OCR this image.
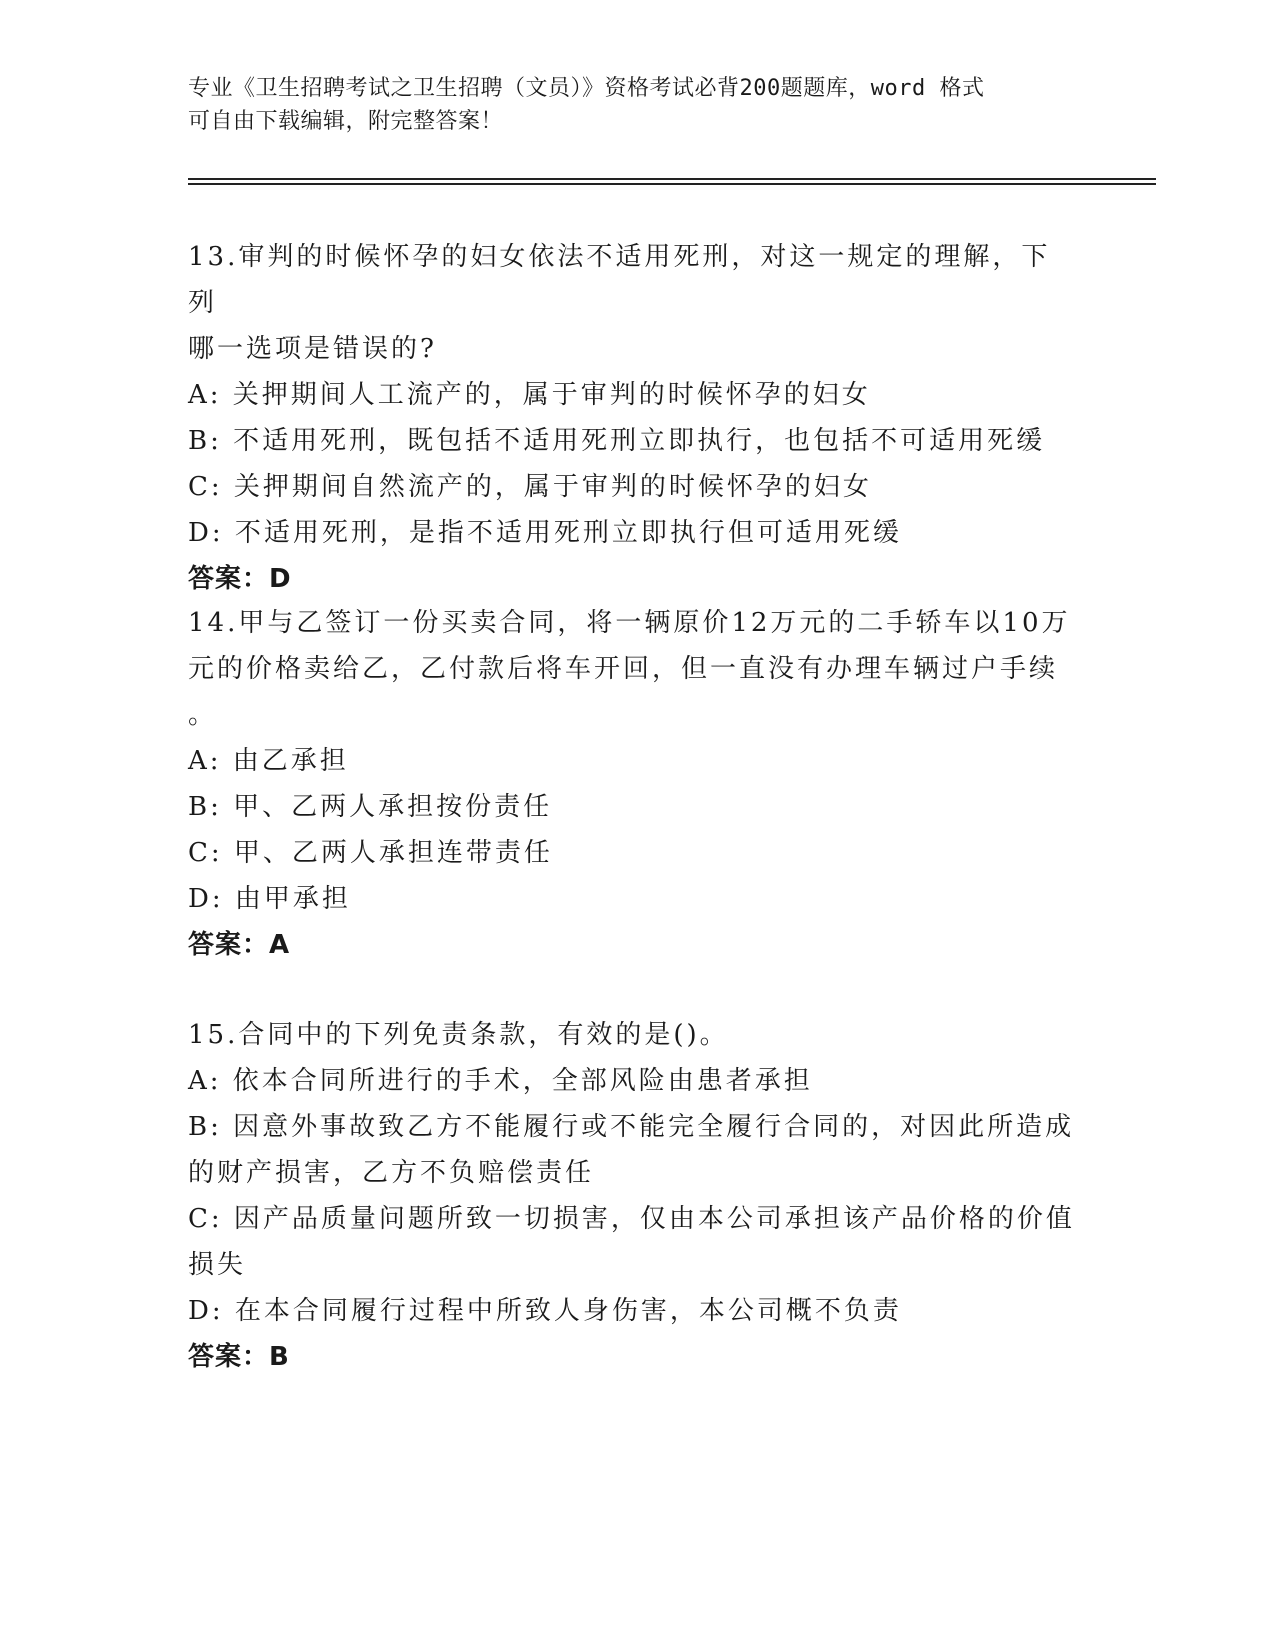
专业《卫生招聘考试之卫生招聘（文员）》资格考试必背200题题库，word 格式
可自由下载编辑，附完整答案！

13.审判的时候怀孕的妇女依法不适用死刑，对这一规定的理解，下列

哪一选项是错误的?

A: 关押期间人工流产的，属于审判的时候怀孕的妇女

B: 不适用死刑，既包括不适用死刑立即执行，也包括不可适用死缓

C: 关押期间自然流产的，属于审判的时候怀孕的妇女

D: 不适用死刑，是指不适用死刑立即执行但可适用死缓

答案：D

14.甲与乙签订一份买卖合同，将一辆原价12万元的二手轿车以10万

元的价格卖给乙，乙付款后将车开回，但一直没有办理车辆过户手续

。

A: 由乙承担

B: 甲、乙两人承担按份责任

C: 甲、乙两人承担连带责任

D: 由甲承担

答案：A

15.合同中的下列免责条款，有效的是()。

A: 依本合同所进行的手术，全部风险由患者承担

B: 因意外事故致乙方不能履行或不能完全履行合同的，对因此所造成

的财产损害，乙方不负赔偿责任

C: 因产品质量问题所致一切损害，仅由本公司承担该产品价格的价值

损失

D: 在本合同履行过程中所致人身伤害，本公司概不负责

答案：B
